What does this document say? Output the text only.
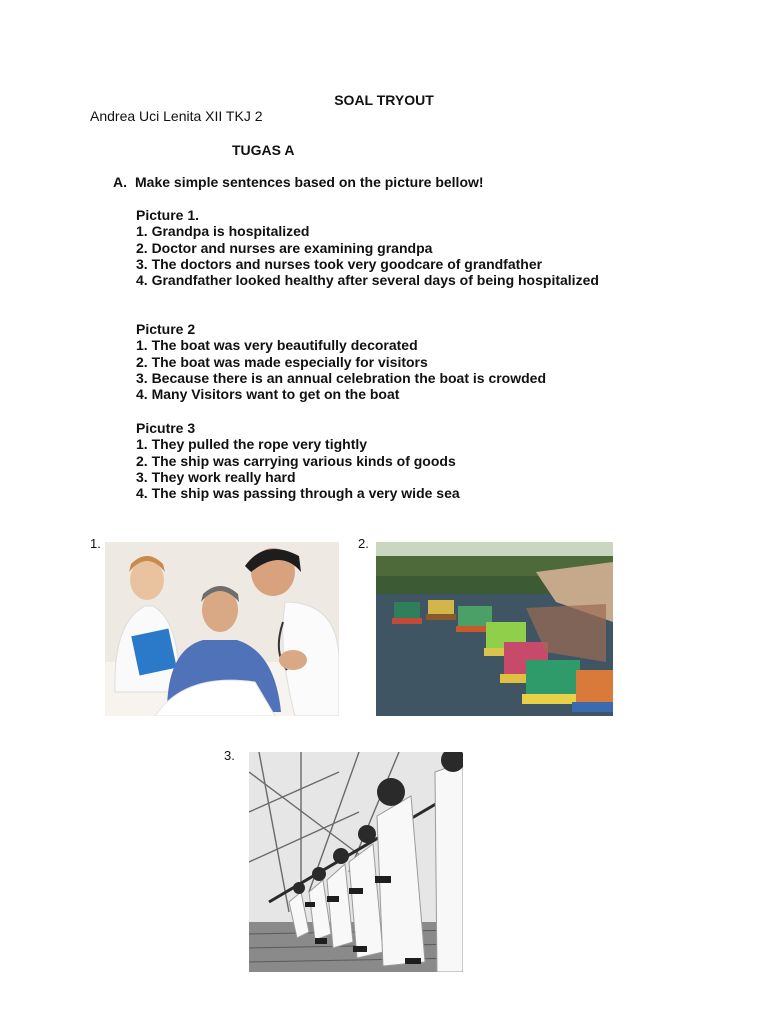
SOAL TRYOUT
Andrea Uci Lenita XII TKJ 2
TUGAS A
A. Make simple sentences based on the picture bellow!
Picture 1.
1. Grandpa is hospitalized
2. Doctor and nurses are examining grandpa
3. The doctors and nurses took very goodcare of grandfather
4. Grandfather looked healthy after several days of being hospitalized
Picture 2
1. The boat was very beautifully decorated
2. The boat was made especially for visitors
3. Because there is an annual celebration the boat is crowded
4. Many Visitors want to get on the boat
Picutre 3
1. They pulled the rope very tightly
2. The ship was carrying various kinds of goods
3. They work really hard
4. The ship was passing through a very wide sea
1.	2.
3.
